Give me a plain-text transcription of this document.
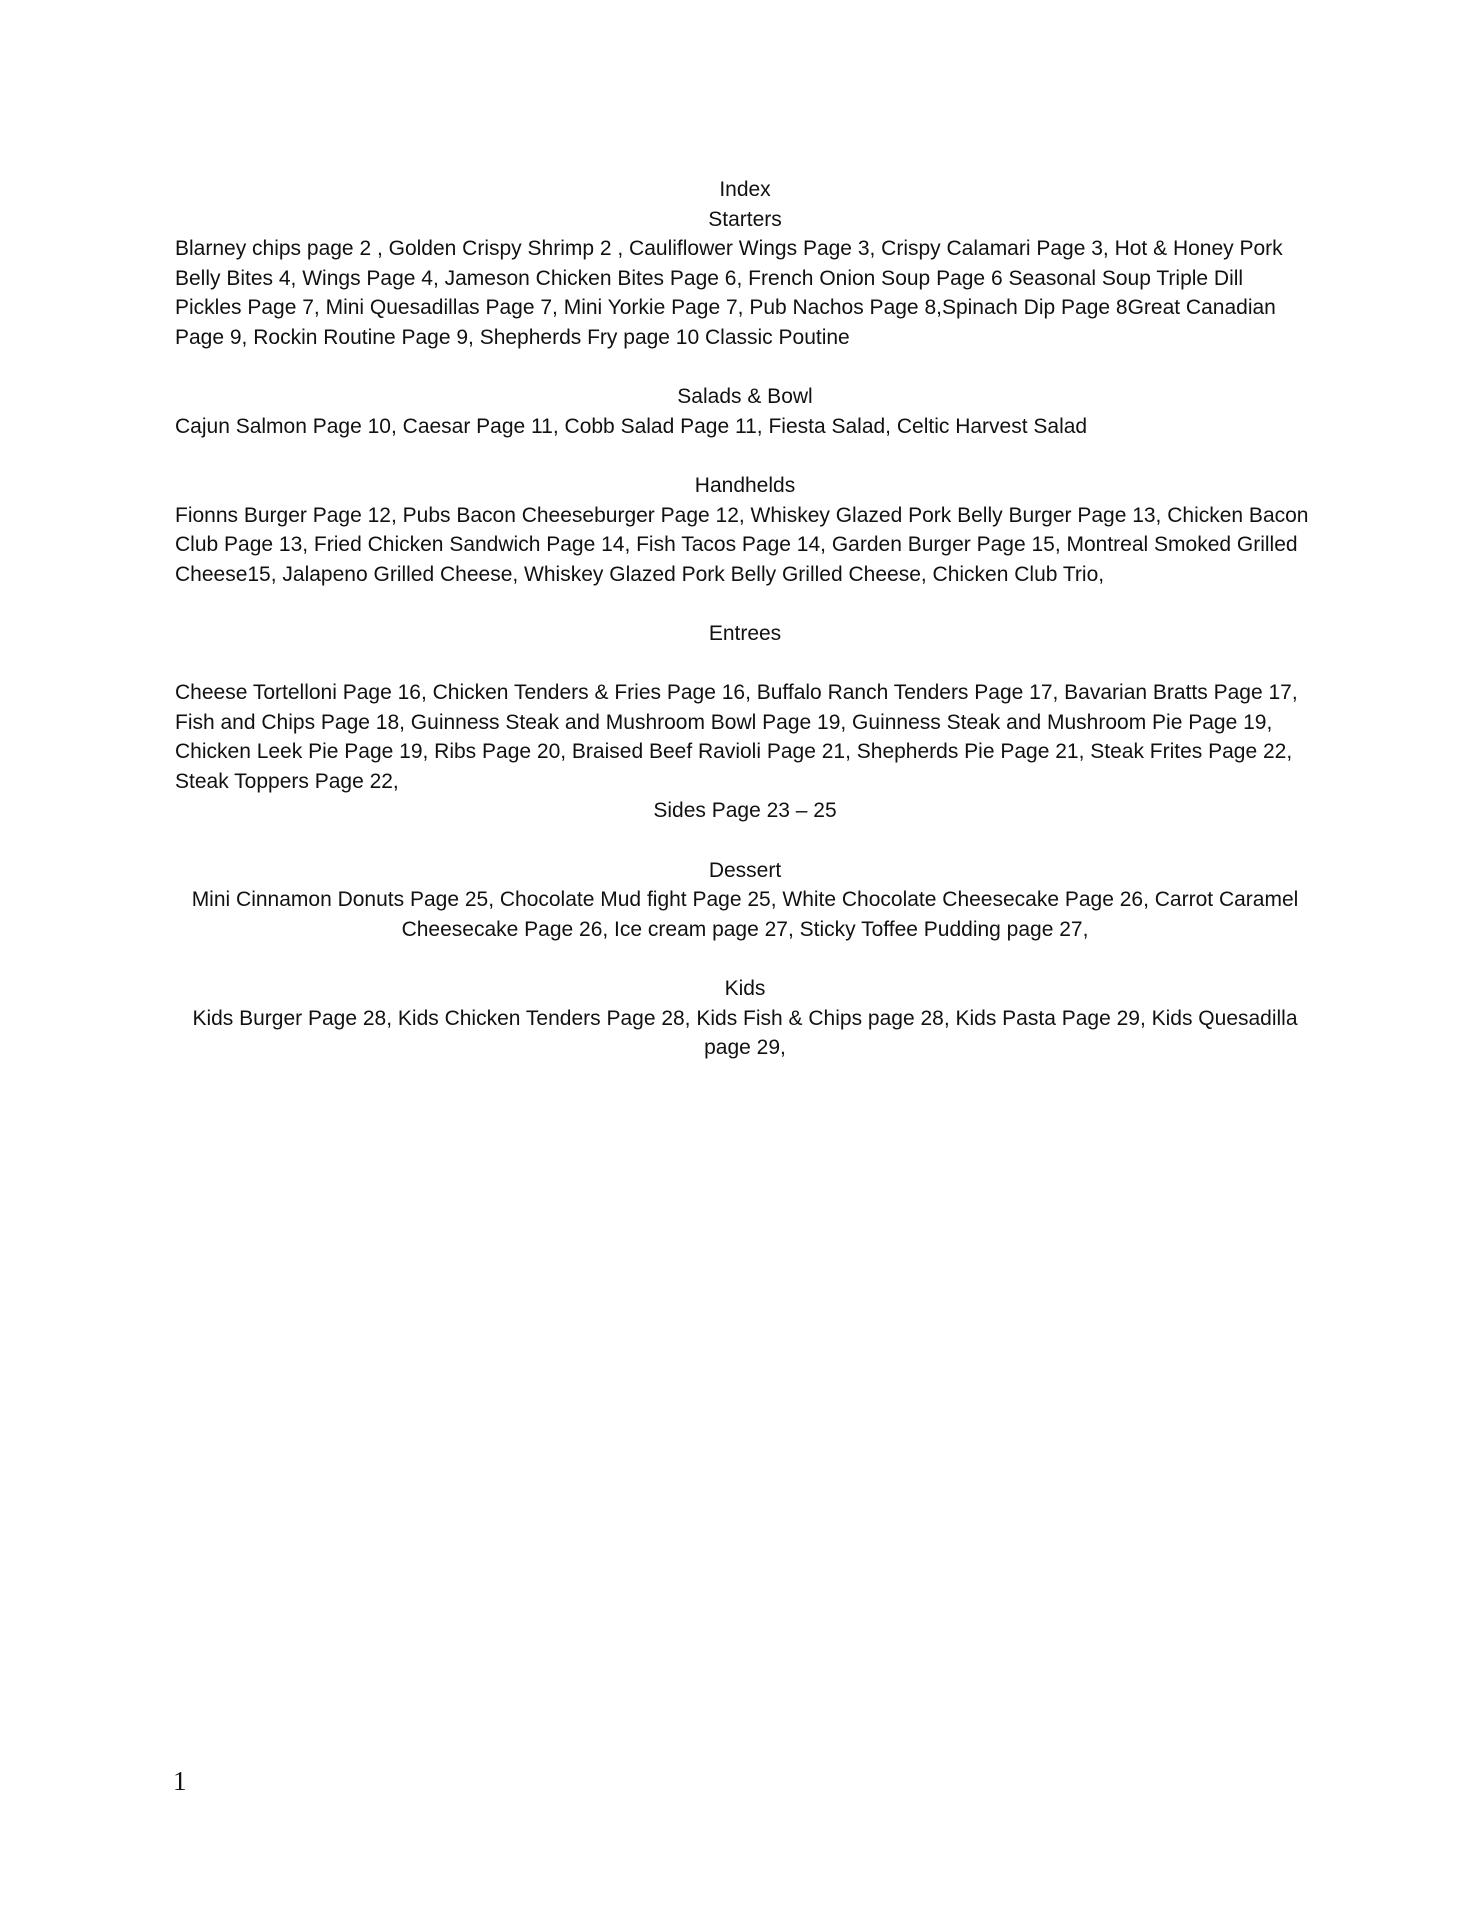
Index

Starters

Blarney chips page 2 , Golden Crispy Shrimp 2 , Cauliflower Wings Page 3, Crispy Calamari Page 3, Hot & Honey Pork Belly Bites 4, Wings Page 4, Jameson Chicken Bites Page 6, French Onion Soup Page 6 Seasonal Soup Triple Dill Pickles Page 7, Mini Quesadillas Page 7, Mini Yorkie Page 7, Pub Nachos Page 8,Spinach Dip Page 8Great Canadian Page 9, Rockin Routine Page 9, Shepherds Fry page 10 Classic Poutine

Salads & Bowl

Cajun Salmon Page 10, Caesar Page 11, Cobb Salad Page 11, Fiesta Salad, Celtic Harvest Salad

Handhelds

Fionns Burger Page 12, Pubs Bacon Cheeseburger Page 12, Whiskey Glazed Pork Belly Burger Page 13, Chicken Bacon Club Page 13, Fried Chicken Sandwich Page 14, Fish Tacos Page 14, Garden Burger Page 15, Montreal Smoked Grilled Cheese15, Jalapeno Grilled Cheese, Whiskey Glazed Pork Belly Grilled Cheese, Chicken Club Trio,

Entrees

Cheese Tortelloni Page 16, Chicken Tenders & Fries Page 16, Buffalo Ranch Tenders Page 17, Bavarian Bratts Page 17, Fish and Chips Page 18, Guinness Steak and Mushroom Bowl Page 19, Guinness Steak and Mushroom Pie Page 19, Chicken Leek Pie Page 19, Ribs Page 20, Braised Beef Ravioli Page 21, Shepherds Pie Page 21, Steak Frites Page 22, Steak Toppers Page 22,

Sides Page 23 – 25

Dessert

Mini Cinnamon Donuts Page 25, Chocolate Mud fight Page 25, White Chocolate Cheesecake Page 26, Carrot Caramel Cheesecake Page 26, Ice cream page 27, Sticky Toffee Pudding page 27,

Kids

Kids Burger Page 28, Kids Chicken Tenders Page 28, Kids Fish & Chips page 28, Kids Pasta Page 29, Kids Quesadilla page 29,

1
